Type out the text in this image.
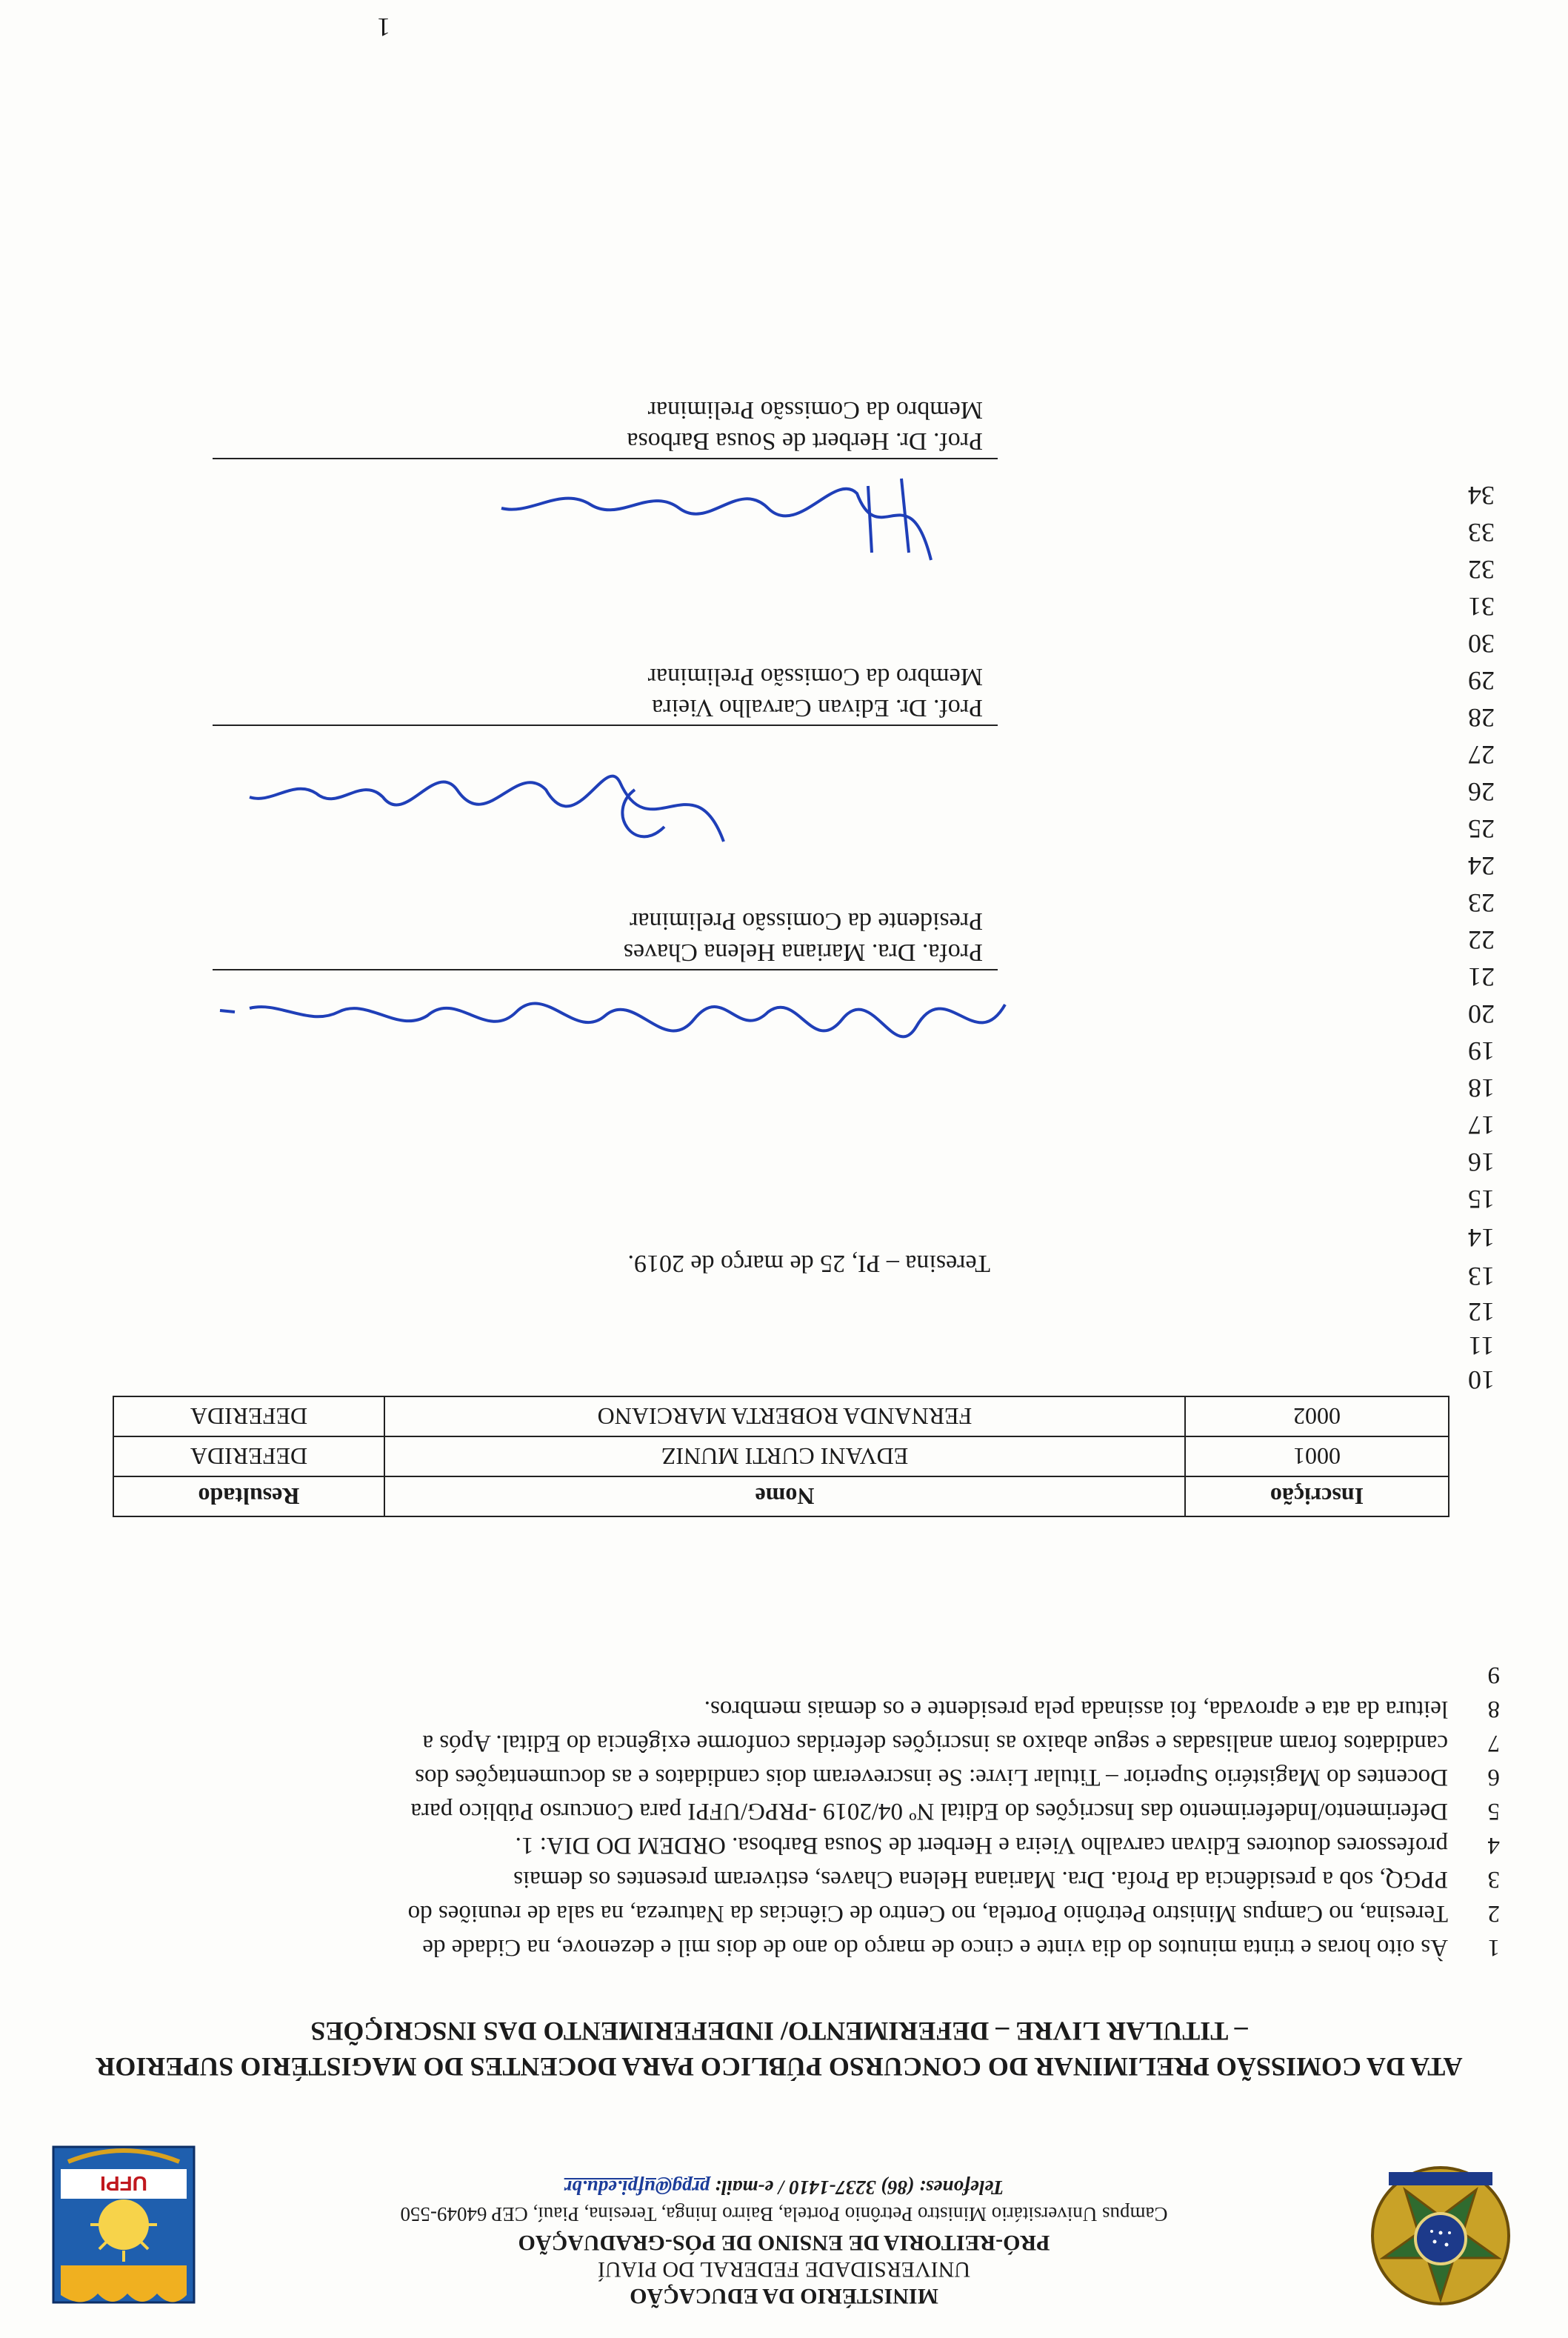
UFPI
MINISTÉRIO DA EDUCAÇÃO
UNIVERSIDADE FEDERAL DO PIAUÍ
PRÓ-REITORIA DE ENSINO DE PÓS-GRADUAÇÃO
Campus Universitário Ministro Petrônio Portela, Bairro Ininga, Teresina, Piauí, CEP 64049-550
Telefones: (86) 3237-1410 / e-mail: prpg@ufpi.edu.br
ATA DA COMISSÃO PRELIMINAR DO CONCURSO PÚBLICO PARA DOCENTES DO MAGISTÉRIO SUPERIOR – TITULAR LIVRE – DEFERIMENTO/ INDEFERIMENTO DAS INSCRIÇÕES
1
Às oito horas e trinta minutos do dia vinte e cinco de março do ano de dois mil e dezenove, na Cidade de
2
Teresina, no Campus Ministro Petrônio Portela, no Centro de Ciências da Natureza, na sala de reuniões do
3
PPGQ, sob a presidência da Profa. Dra. Mariana Helena Chaves, estiveram presentes os demais
4
professores doutores Edivan carvalho Vieira e Herbert de Sousa Barbosa. ORDEM DO DIA: 1.
5
Deferimento/Indeferimento das Inscrições do Edital Nº 04/2019 -PRPG/UFPI para Concurso Público para
6
Docentes do Magistério Superior – Titular Livre: Se inscreveram dois candidatos e as documentações dos
7
candidatos foram analisadas e segue abaixo as inscrições deferidas conforme exigência do Edital. Após a
8
leitura da ata e aprovada, foi assinada pela presidente e os demais membros.
9
Inscrição	Nome	Resultado
0001	EDVANI CURTI MUNIZ	DEFERIDA
0002	FERNANDA ROBERTA MARCIANO	DEFERIDA
10
11
12
13
14
15
16
17
18
19
20
21
22
23
24
25
26
27
28
29
30
31
32
33
34
Teresina – PI, 25 de março de 2019.
Profa. Dra. Mariana Helena Chaves
Presidente da Comissão Preliminar
Prof. Dr. Edivan Carvalho Vieira
Membro da Comissão Preliminar
Prof. Dr. Herbert de Sousa Barbosa
Membro da Comissão Preliminar
1
